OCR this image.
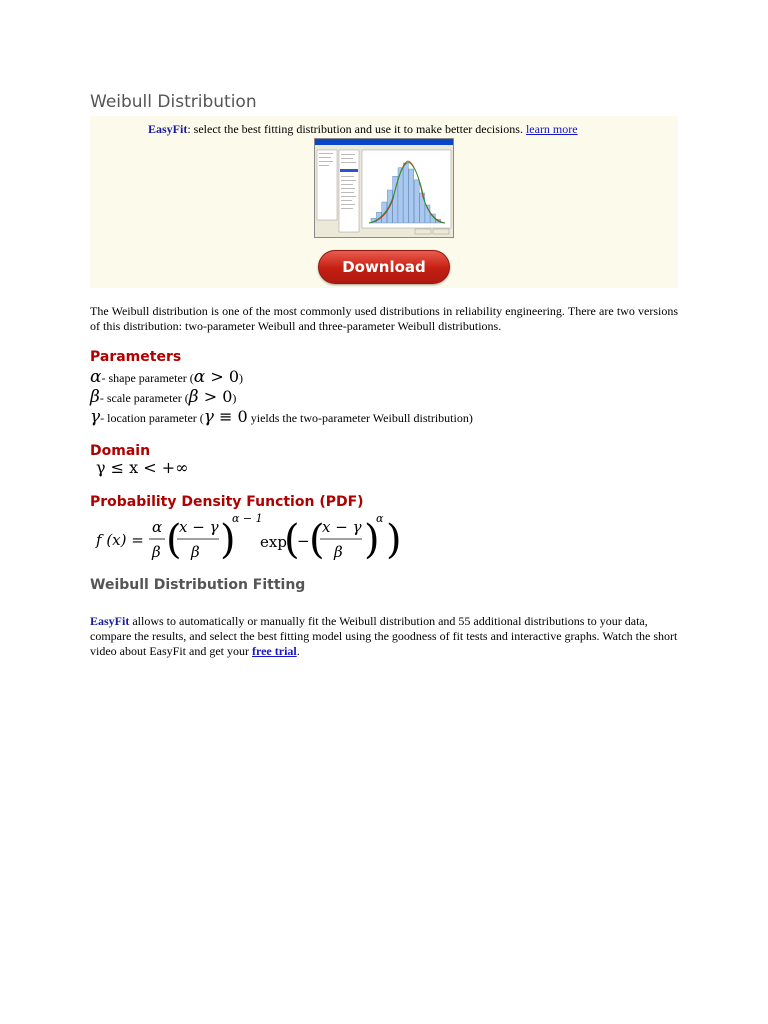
Weibull Distribution
EasyFit: select the best fitting distribution and use it to make better decisions. learn more
Download

The Weibull distribution is one of the most commonly used distributions in reliability engineering. There are two versions of this distribution: two-parameter Weibull and three-parameter Weibull distributions.

Parameters
α- shape parameter (α > 0)
β- scale parameter (β > 0)
γ- location parameter (γ ≡ 0 yields the two-parameter Weibull distribution)
Domain
γ ≤ x < +∞
Probability Density Function (PDF)
f (x) =
α
β (
x − γ
β )
α − 1
exp
(
− (
x − γ
β )
α )
Weibull Distribution Fitting

EasyFit allows to automatically or manually fit the Weibull distribution and 55 additional distributions to your data, compare the results, and select the best fitting model using the goodness of fit tests and interactive graphs. Watch the short video about EasyFit and get your free trial.
